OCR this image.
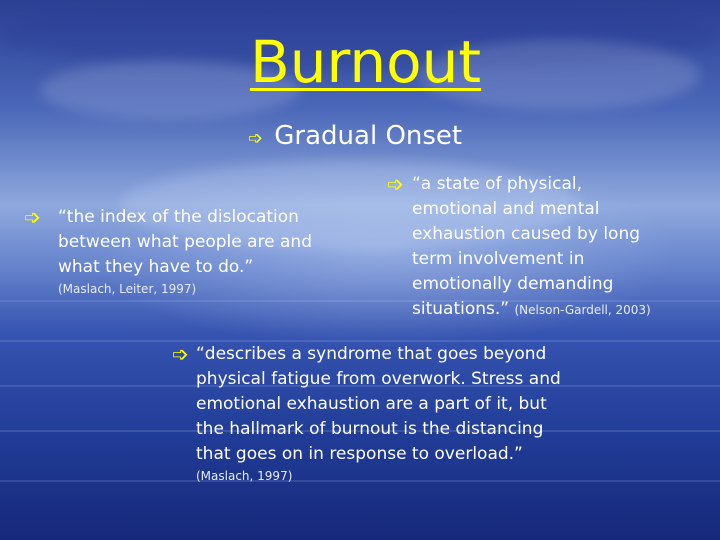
Burnout
➩ Gradual Onset
➩ “the index of the dislocation
between what people are and
what they have to do.”
(Maslach, Leiter, 1997)
➩ “a state of physical,
emotional and mental
exhaustion caused by long
term involvement in
emotionally demanding
situations.” (Nelson-Gardell, 2003)
➩ “describes a syndrome that goes beyond
physical fatigue from overwork. Stress and
emotional exhaustion are a part of it, but
the hallmark of burnout is the distancing
that goes on in response to overload.”
(Maslach, 1997)
